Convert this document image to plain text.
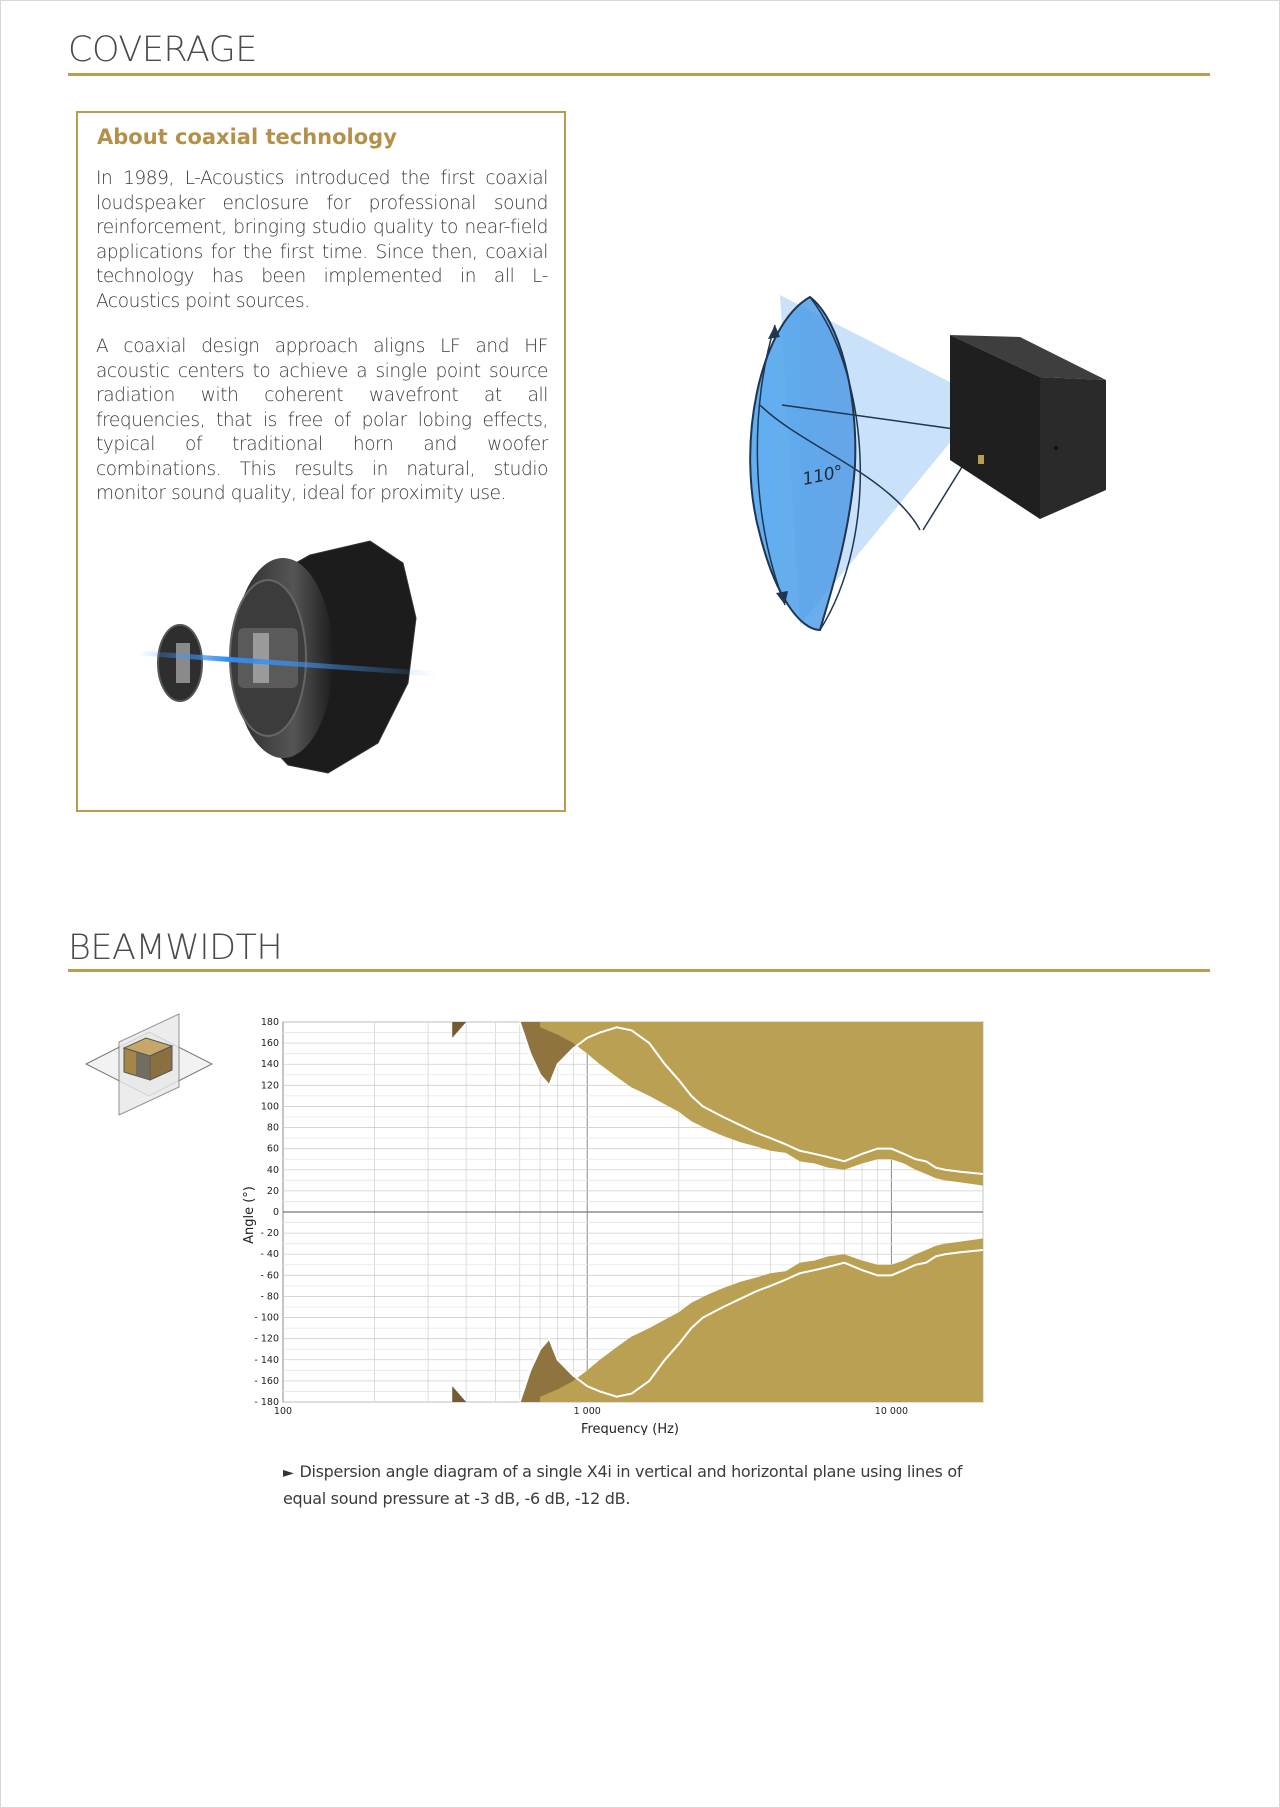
COVERAGE
About coaxial technology

In 1989, L-Acoustics introduced the first coaxial loudspeaker enclosure for professional sound reinforcement, bringing studio quality to near-field applications for the first time. Since then, coaxial technology has been implemented in all L-Acoustics point sources.

A coaxial design approach aligns LF and HF acoustic centers to achieve a single point source radiation with coherent wavefront at all frequencies, that is free of polar lobing effects, typical of traditional horn and woofer combinations. This results in natural, studio monitor sound quality, ideal for proximity use.

110°
BEAMWIDTH
180
160
140
120
100
80
60
40
20
0
- 20
- 40
- 60
- 80
- 100
- 120
- 140
- 160
- 180
100	1 000	10 000
Frequency (Hz)
Angle (°)

► Dispersion angle diagram of a single X4i in vertical and horizontal plane using lines of equal sound pressure at -3 dB, -6 dB, -12 dB.
